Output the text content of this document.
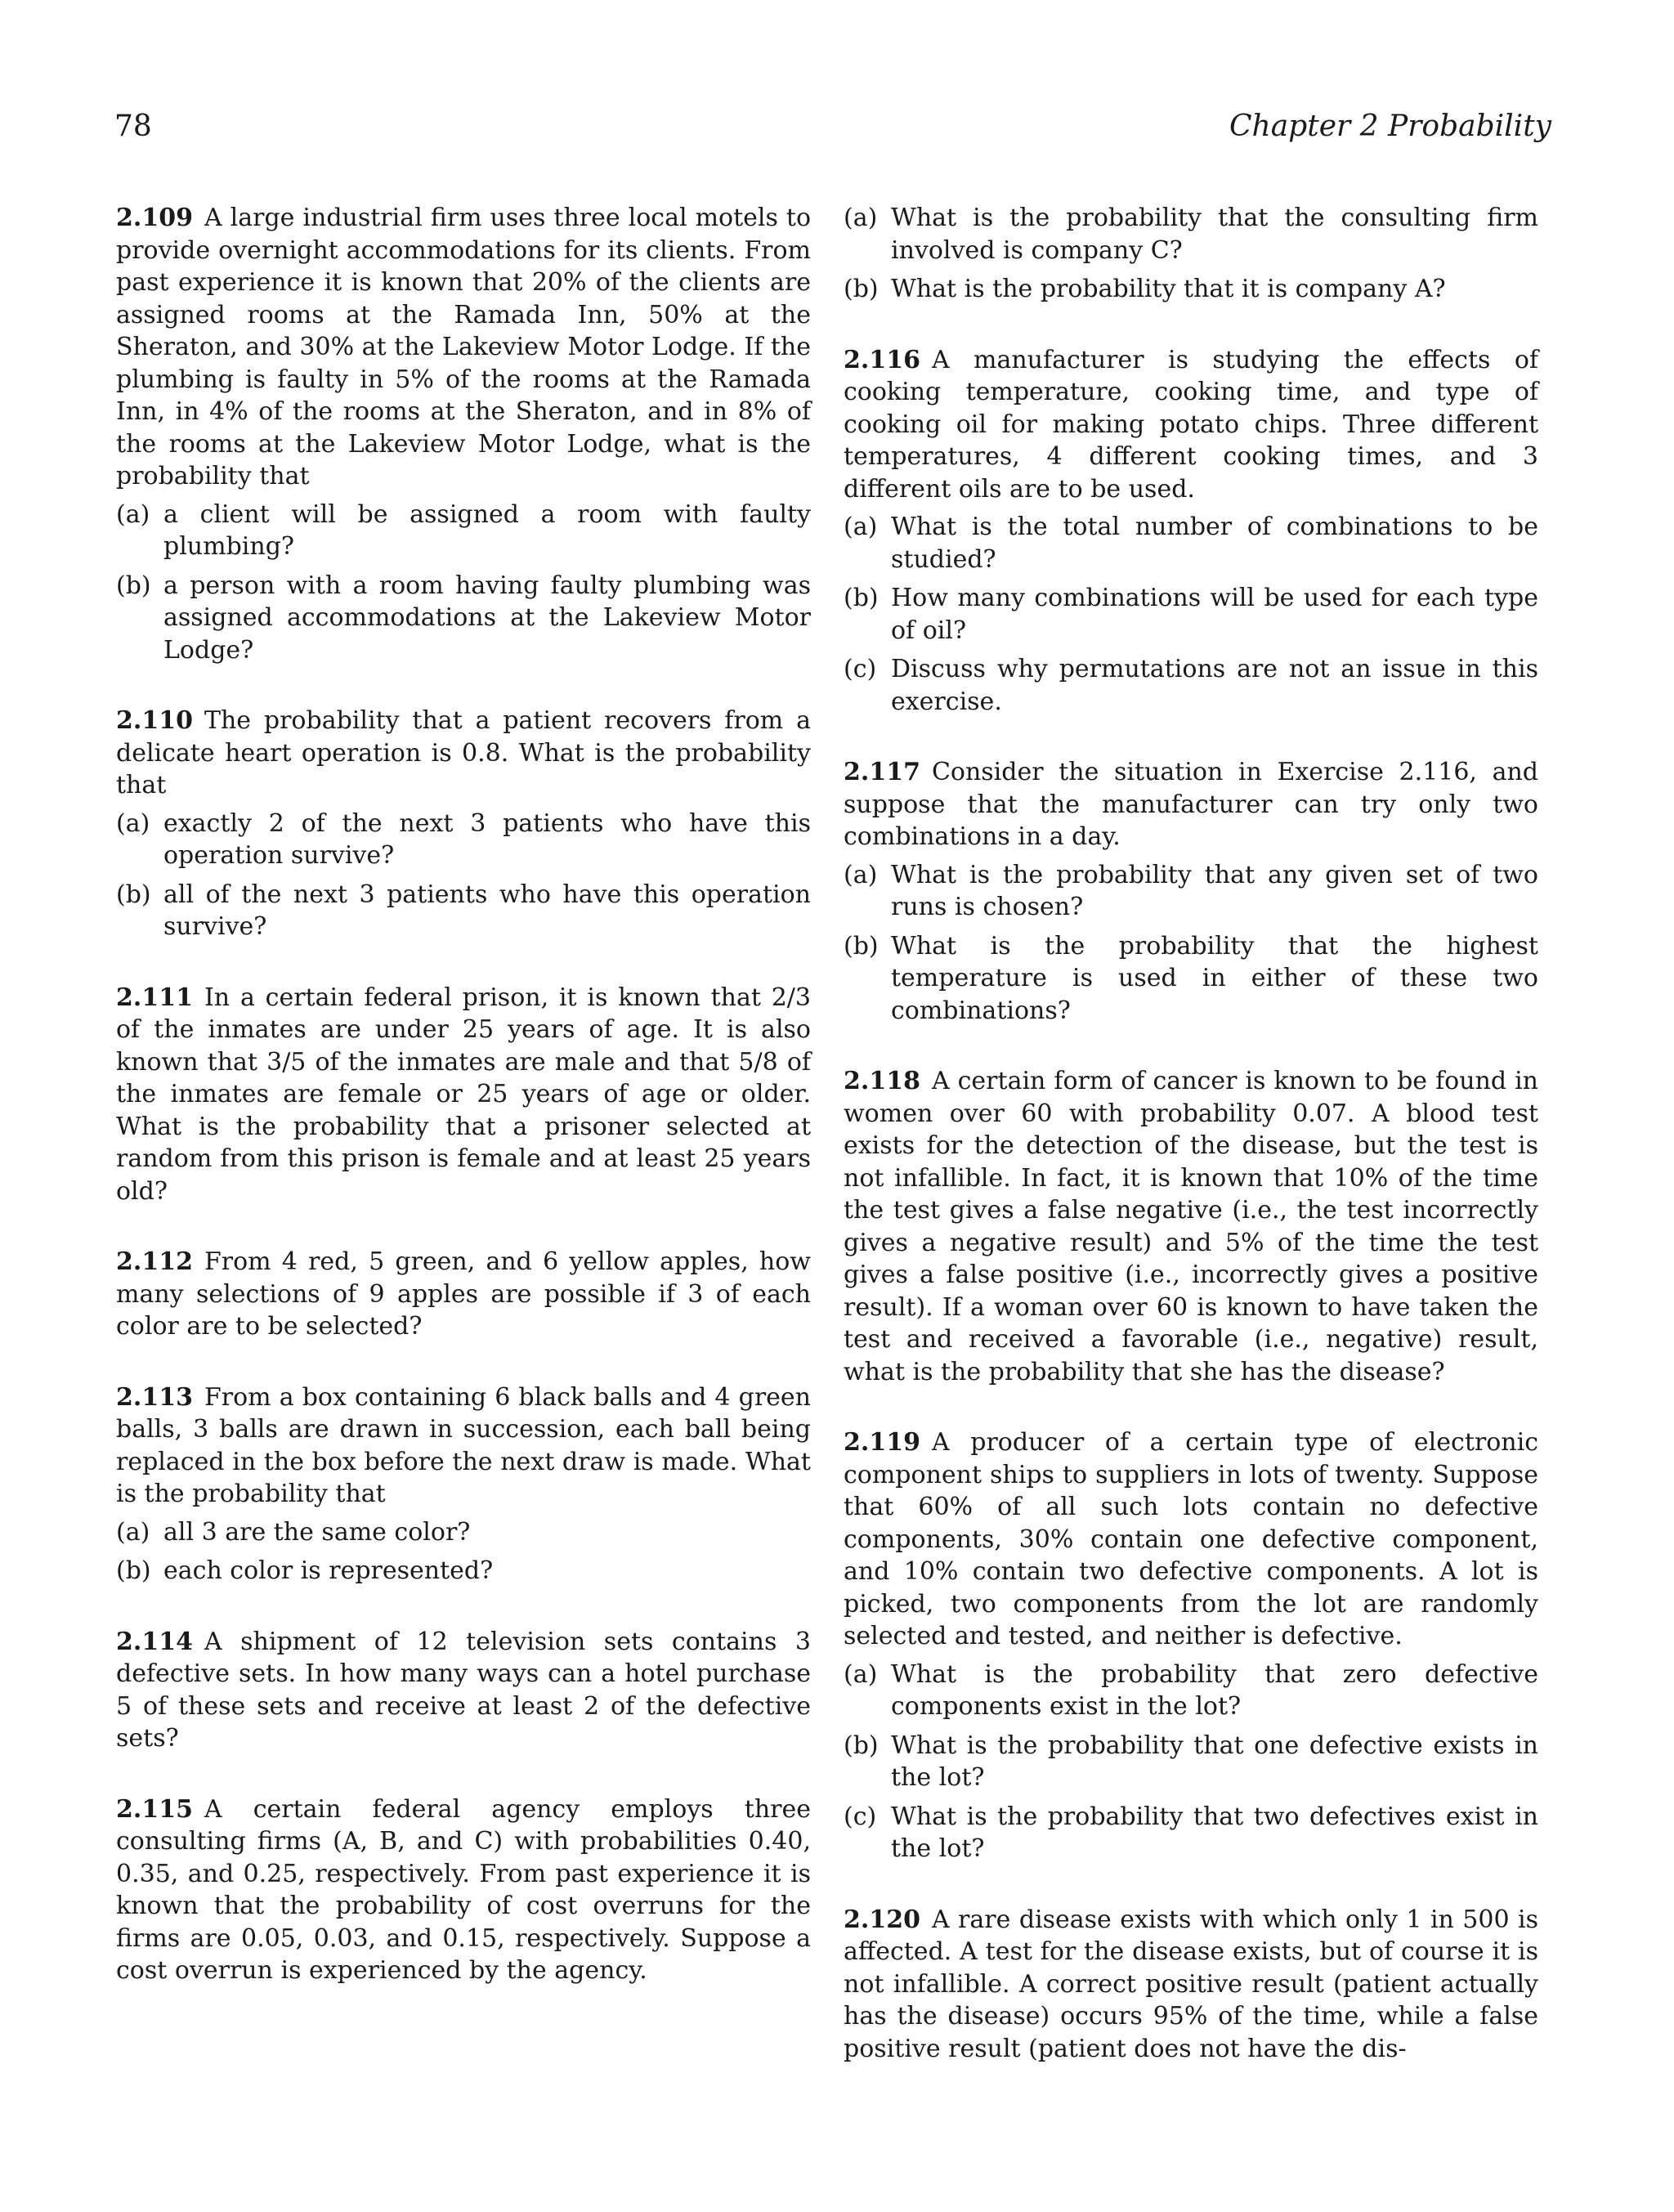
78	Chapter 2 Probability

2.109 A large industrial firm uses three local motels to provide overnight accommodations for its clients. From past experience it is known that 20% of the clients are assigned rooms at the Ramada Inn, 50% at the Sheraton, and 30% at the Lakeview Motor Lodge. If the plumbing is faulty in 5% of the rooms at the Ramada Inn, in 4% of the rooms at the Sheraton, and in 8% of the rooms at the Lakeview Motor Lodge, what is the probability that

(a) a client will be assigned a room with faulty plumbing?
(b) a person with a room having faulty plumbing was assigned accommodations at the Lakeview Motor Lodge?

2.110 The probability that a patient recovers from a delicate heart operation is 0.8. What is the probability that

(a) exactly 2 of the next 3 patients who have this operation survive?
(b) all of the next 3 patients who have this operation survive?

2.111 In a certain federal prison, it is known that 2/3 of the inmates are under 25 years of age. It is also known that 3/5 of the inmates are male and that 5/8 of the inmates are female or 25 years of age or older. What is the probability that a prisoner selected at random from this prison is female and at least 25 years old?

2.112 From 4 red, 5 green, and 6 yellow apples, how many selections of 9 apples are possible if 3 of each color are to be selected?

2.113 From a box containing 6 black balls and 4 green balls, 3 balls are drawn in succession, each ball being replaced in the box before the next draw is made. What is the probability that

(a) all 3 are the same color?
(b) each color is represented?

2.114 A shipment of 12 television sets contains 3 defective sets. In how many ways can a hotel purchase 5 of these sets and receive at least 2 of the defective sets?

2.115 A certain federal agency employs three consulting firms (A, B, and C) with probabilities 0.40, 0.35, and 0.25, respectively. From past experience it is known that the probability of cost overruns for the firms are 0.05, 0.03, and 0.15, respectively. Suppose a cost overrun is experienced by the agency.

(a) What is the probability that the consulting firm involved is company C?
(b) What is the probability that it is company A?

2.116 A manufacturer is studying the effects of cooking temperature, cooking time, and type of cooking oil for making potato chips. Three different temperatures, 4 different cooking times, and 3 different oils are to be used.

(a) What is the total number of combinations to be studied?
(b) How many combinations will be used for each type of oil?
(c) Discuss why permutations are not an issue in this exercise.

2.117 Consider the situation in Exercise 2.116, and suppose that the manufacturer can try only two combinations in a day.

(a) What is the probability that any given set of two runs is chosen?
(b) What is the probability that the highest temperature is used in either of these two combinations?

2.118 A certain form of cancer is known to be found in women over 60 with probability 0.07. A blood test exists for the detection of the disease, but the test is not infallible. In fact, it is known that 10% of the time the test gives a false negative (i.e., the test incorrectly gives a negative result) and 5% of the time the test gives a false positive (i.e., incorrectly gives a positive result). If a woman over 60 is known to have taken the test and received a favorable (i.e., negative) result, what is the probability that she has the disease?

2.119 A producer of a certain type of electronic component ships to suppliers in lots of twenty. Suppose that 60% of all such lots contain no defective components, 30% contain one defective component, and 10% contain two defective components. A lot is picked, two components from the lot are randomly selected and tested, and neither is defective.

(a) What is the probability that zero defective components exist in the lot?
(b) What is the probability that one defective exists in the lot?
(c) What is the probability that two defectives exist in the lot?

2.120 A rare disease exists with which only 1 in 500 is affected. A test for the disease exists, but of course it is not infallible. A correct positive result (patient actually has the disease) occurs 95% of the time, while a false positive result (patient does not have the dis-
